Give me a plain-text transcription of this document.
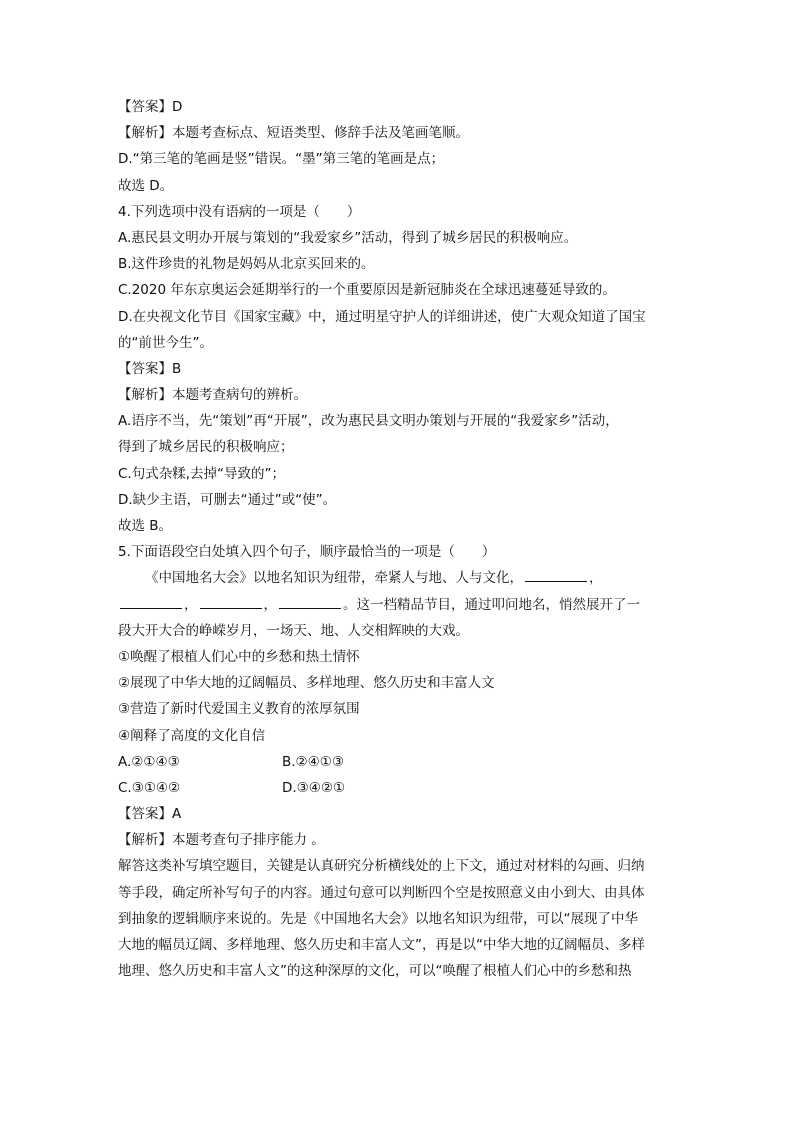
【答案】D
【解析】本题考查标点、短语类型、修辞手法及笔画笔顺。
D.“第三笔的笔画是竖”错误。“墨”第三笔的笔画是点；
故选 D。
4.下列选项中没有语病的一项是（　　）
A.惠民县文明办开展与策划的“我爱家乡”活动，得到了城乡居民的积极响应。
B.这件珍贵的礼物是妈妈从北京买回来的。
C.2020 年东京奥运会延期举行的一个重要原因是新冠肺炎在全球迅速蔓延导致的。
D.在央视文化节目《国家宝藏》中，通过明星守护人的详细讲述，使广大观众知道了国宝
的“前世今生”。
【答案】B
【解析】本题考查病句的辨析。
A.语序不当，先“策划”再“开展”，改为惠民县文明办策划与开展的“我爱家乡”活动，
得到了城乡居民的积极响应；
C.句式杂糅,去掉“导致的”；
D.缺少主语，可删去“通过”或“使”。
故选 B。
5.下面语段空白处填入四个句子，顺序最恰当的一项是（　　）
《中国地名大会》以地名知识为纽带，牵紧人与地、人与文化，	，
，	，	。这一档精品节目，通过叩问地名，悄然展开了一
段大开大合的峥嵘岁月，一场天、地、人交相辉映的大戏。
①唤醒了根植人们心中的乡愁和热土情怀
②展现了中华大地的辽阔幅员、多样地理、悠久历史和丰富人文
③营造了新时代爱国主义教育的浓厚氛围
④阐释了高度的文化自信
A.②①④③	B.②④①③
C.③①④②	D.③④②①
【答案】A
【解析】本题考查句子排序能力 。
解答这类补写填空题目，关键是认真研究分析横线处的上下文，通过对材料的勾画、归纳
等手段，确定所补写句子的内容。通过句意可以判断四个空是按照意义由小到大、由具体
到抽象的逻辑顺序来说的。先是《中国地名大会》以地名知识为纽带，可以“展现了中华
大地的幅员辽阔、多样地理、悠久历史和丰富人文”，再是以“中华大地的辽阔幅员、多样
地理、悠久历史和丰富人文”的这种深厚的文化，可以“唤醒了根植人们心中的乡愁和热
